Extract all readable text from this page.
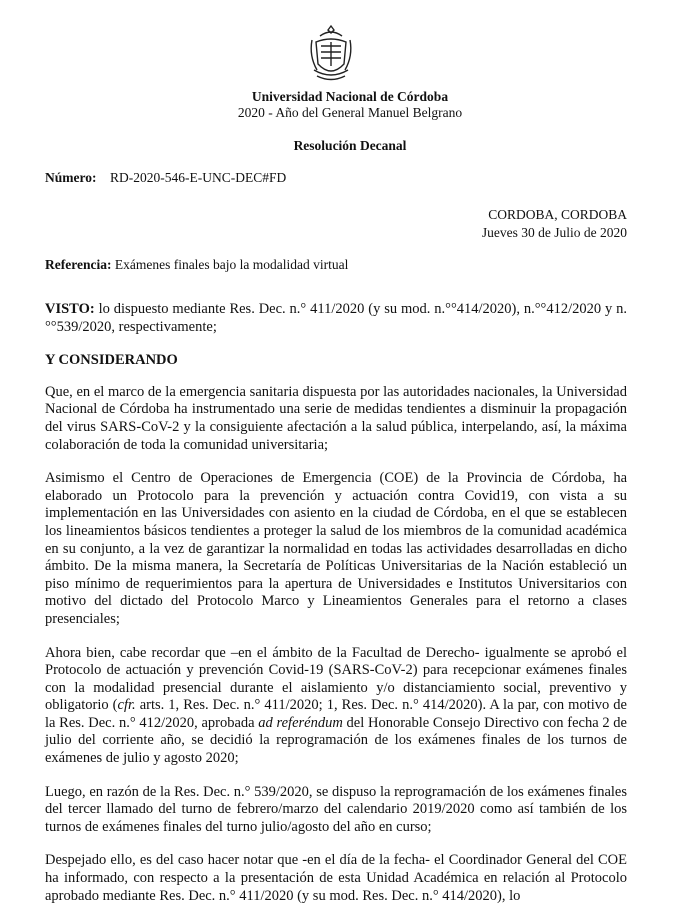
Universidad Nacional de Córdoba
2020 - Año del General Manuel Belgrano
Resolución Decanal
Número: RD-2020-546-E-UNC-DEC#FD
CORDOBA, CORDOBA
Jueves 30 de Julio de 2020
Referencia: Exámenes finales bajo la modalidad virtual

VISTO: lo dispuesto mediante Res. Dec. n.° 411/2020 (y su mod. n.°°414/2020), n.°°412/2020 y n.°°539/2020, respectivamente;

Y CONSIDERANDO

Que, en el marco de la emergencia sanitaria dispuesta por las autoridades nacionales, la Universidad Nacional de Córdoba ha instrumentado una serie de medidas tendientes a disminuir la propagación del virus SARS-CoV-2 y la consiguiente afectación a la salud pública, interpelando, así, la máxima colaboración de toda la comunidad universitaria;

Asimismo el Centro de Operaciones de Emergencia (COE) de la Provincia de Córdoba, ha elaborado un Protocolo para la prevención y actuación contra Covid19, con vista a su implementación en las Universidades con asiento en la ciudad de Córdoba, en el que se establecen los lineamientos básicos tendientes a proteger la salud de los miembros de la comunidad académica en su conjunto, a la vez de garantizar la normalidad en todas las actividades desarrolladas en dicho ámbito. De la misma manera, la Secretaría de Políticas Universitarias de la Nación estableció un piso mínimo de requerimientos para la apertura de Universidades e Institutos Universitarios con motivo del dictado del Protocolo Marco y Lineamientos Generales para el retorno a clases presenciales;

Ahora bien, cabe recordar que –en el ámbito de la Facultad de Derecho- igualmente se aprobó el Protocolo de actuación y prevención Covid-19 (SARS-CoV-2) para recepcionar exámenes finales con la modalidad presencial durante el aislamiento y/o distanciamiento social, preventivo y obligatorio (cfr. arts. 1, Res. Dec. n.° 411/2020; 1, Res. Dec. n.° 414/2020). A la par, con motivo de la Res. Dec. n.° 412/2020, aprobada ad referéndum del Honorable Consejo Directivo con fecha 2 de julio del corriente año, se decidió la reprogramación de los exámenes finales de los turnos de exámenes de julio y agosto 2020;

Luego, en razón de la Res. Dec. n.° 539/2020, se dispuso la reprogramación de los exámenes finales del tercer llamado del turno de febrero/marzo del calendario 2019/2020 como así también de los turnos de exámenes finales del turno julio/agosto del año en curso;

Despejado ello, es del caso hacer notar que -en el día de la fecha- el Coordinador General del COE ha informado, con respecto a la presentación de esta Unidad Académica en relación al Protocolo aprobado mediante Res. Dec. n.° 411/2020 (y su mod. Res. Dec. n.° 414/2020), lo
